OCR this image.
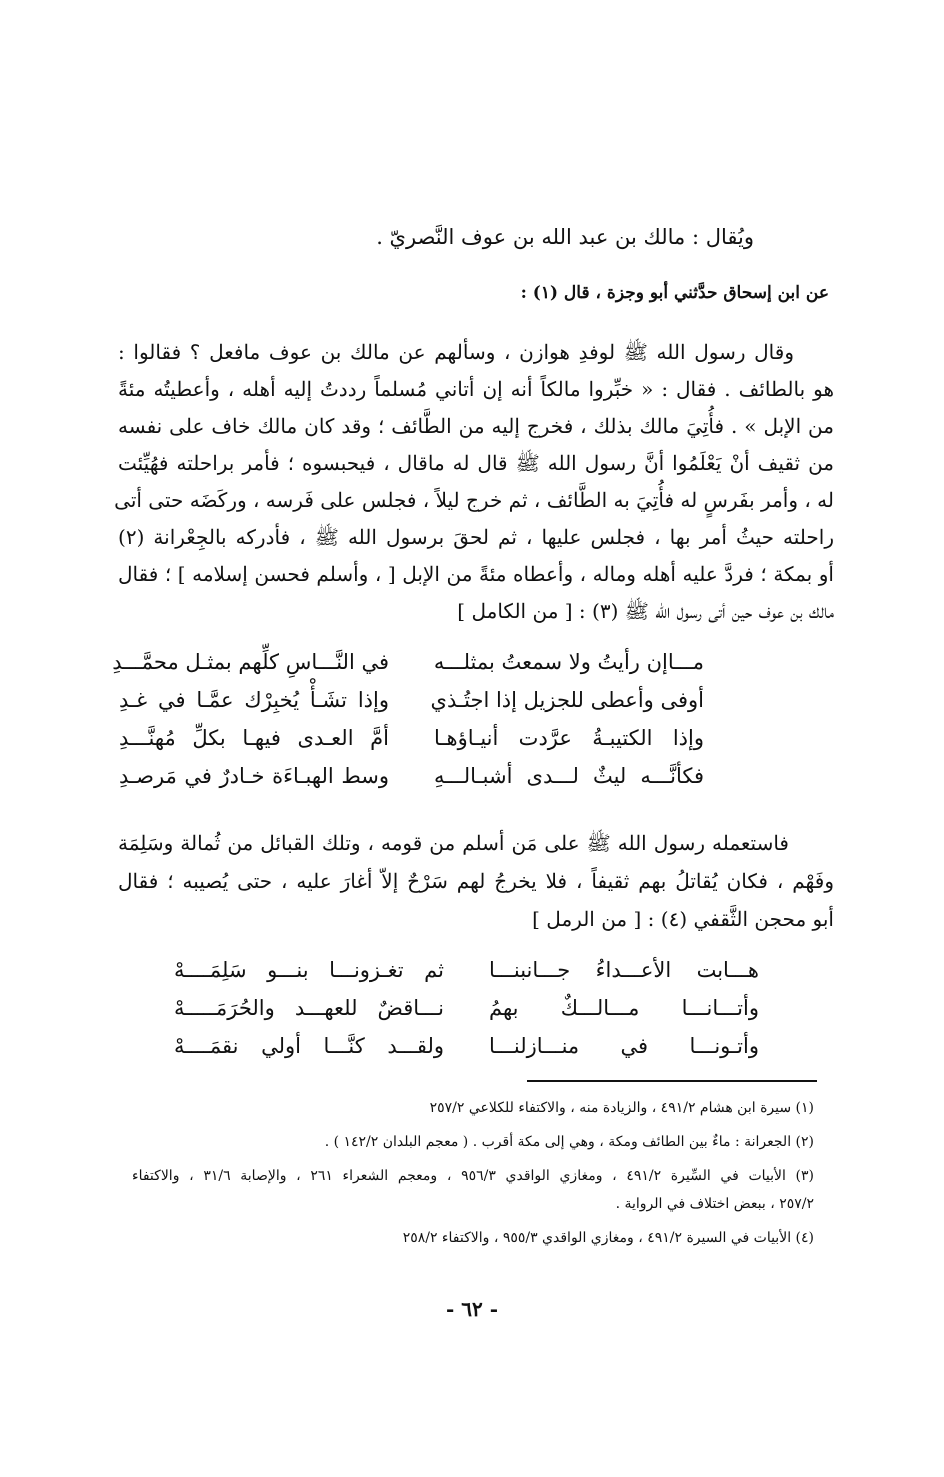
ويُقال : مالك بن عبد الله بن عوف النَّصريّ .
عن ابن إسحاق حدَّثني أبو وجزة ، قال (١) :
وقال رسول الله ﷺ لوفدِ هوازن ، وسألهم عن مالك بن عوف مافعل ؟ فقالوا :
هو بالطائف . فقال : « خبِّروا مالكاً أنه إن أتاني مُسلماً رددتُ إليه أهله ، وأعطيتُه مئةً
من الإبل » . فأُتِيَ مالك بذلك ، فخرج إليه من الطَّائف ؛ وقد كان مالك خاف على نفسه
من ثقيف أنْ يَعْلَمُوا أنَّ رسول الله ﷺ قال له ماقال ، فيحبسوه ؛ فأمر براحلته فهُيِّئت
له ، وأمر بفَرسٍ له فأُتِيَ به الطَّائف ، ثم خرج ليلاً ، فجلس على فَرسه ، وركَضَه حتى أتى
راحلته حيثُ أمر بها ، فجلس عليها ، ثم لحقَ برسول الله ﷺ ، فأدركه بالجِعْرانة (٢)
أو بمكة ؛ فردَّ عليه أهله وماله ، وأعطاه مئةً من الإبل [ ، وأسلم فحسن إسلامه ] ؛ فقال
مالك بن عوف حين أتى رسول الله ﷺ (٣) : [ من الكامل ]
مـــاإن رأيتُ ولا سمعتُ بمثلـــه
في النَّـــاسِ كلِّهم بمثـل محمَّـــدِ
أوفى وأعطى للجزيل إذا اجتُـذي
وإذا تشَـأْ يُخبِرْك عمَّـا في غـدِ
وإذا الكتيبـةُ عرَّدت أنيـاؤهـا
أمَّ العـدى فيهـا بكلِّ مُهنَّـــدِ
فكأنَّـــه ليثٌ لـــدى أشبـالـــهِ
وسط الهبـاءَة خـادرٌ في مَرصـدِ
فاستعمله رسول الله ﷺ على مَن أسلم من قومه ، وتلك القبائل من ثُمالة وسَلِمَة
وفَهْم ، فكان يُقاتلُ بهم ثقيفاً ، فلا يخرجُ لهم سَرْحٌ إلاّ أغارَ عليه ، حتى يُصيبه ؛ فقال
أبو محجن الثَّقفي (٤) : [ من الرمل ]
هـــابت الأعـــداءُ جـــانبنـــا
ثم تغـزونـــا بنـــو سَلِمَــــهْ
وأتـــانـــا مـــالـــكٌ بهمُ
نـــاقضٌ للعهـــد والحُرَمَـــــهْ
وأتـونـــا في منـــازلنـــا
ولقـــد كنَّـــا أولي نقمَــــهْ
(١) سيرة ابن هشام ٤٩١/٢ ، والزيادة منه ، والاكتفاء للكلاعي ٢٥٧/٢
(٢) الجعرانة : ماءٌ بين الطائف ومكة ، وهي إلى مكة أقرب . ( معجم البلدان ١٤٢/٢ ) .
(٣) الأبيات في السِّيرة ٤٩١/٢ ، ومغازي الواقدي ٩٥٦/٣ ، ومعجم الشعراء ٢٦١ ، والإصابة ٣١/٦ ، والاكتفاء
٢٥٧/٢ ، ببعض اختلاف في الرواية .
(٤) الأبيات في السيرة ٤٩١/٢ ، ومغازي الواقدي ٩٥٥/٣ ، والاكتفاء ٢٥٨/٢
- ٦٢ -
